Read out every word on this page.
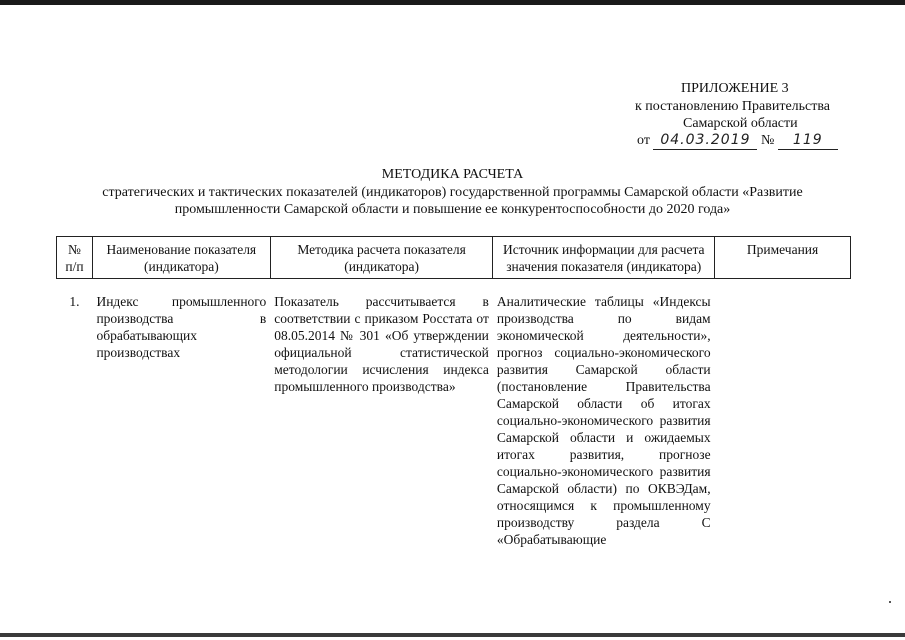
ПРИЛОЖЕНИЕ 3
к постановлению Правительства
Самарской области
от 04.03.2019 № 119
МЕТОДИКА РАСЧЕТА
стратегических и тактических показателей (индикаторов) государственной программы Самарской области «Развитие
промышленности Самарской области и повышение ее конкурентоспособности до 2020 года»
№ п/п	Наименование показателя (индикатора)	Методика расчета показателя (индикатора)	Источник информации для расчета значения показателя (индикатора)	Примечания
1.	Индекс промышленного производства в обрабатывающих производствах	Показатель рассчитывается в соответствии с приказом Росстата от 08.05.2014 № 301 «Об утверждении официальной статистической методологии исчисления индекса промышленного производства»	Аналитические таблицы «Индексы производства по видам экономической деятельности», прогноз социально-экономического развития Самарской области (постановление Правительства Самарской области об итогах социально-экономического развития Самарской области и ожидаемых итогах развития, прогнозе социально-экономического развития Самарской области) по ОКВЭДам, относящимся к промышленному производству раздела С «Обрабатывающие	
